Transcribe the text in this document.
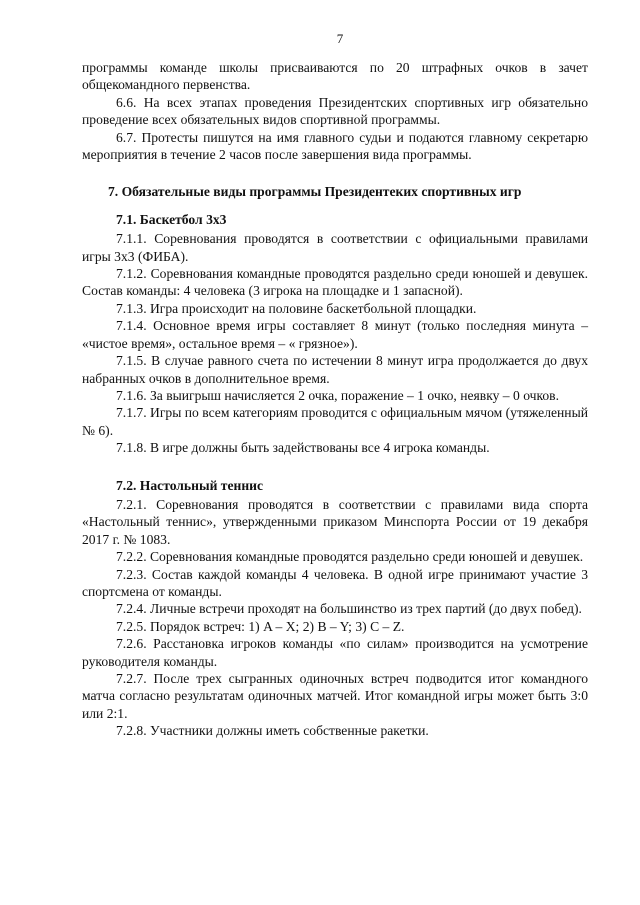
7

программы команде школы присваиваются по 20 штрафных очков в зачет общекомандного первенства.

6.6. На всех этапах проведения Президентских спортивных игр обязательно проведение всех обязательных видов спортивной программы.

6.7. Протесты пишутся на имя главного судьи и подаются главному секретарю мероприятия в течение 2 часов после завершения вида программы.

7. Обязательные виды программы Президентеких спортивных игр
7.1. Баскетбол 3х3

7.1.1. Соревнования проводятся в соответствии с официальными правилами игры 3х3 (ФИБА).

7.1.2. Соревнования командные проводятся раздельно среди юношей и девушек. Состав команды: 4 человека (3 игрока на площадке и 1 запасной).

7.1.3. Игра происходит на половине баскетбольной площадки.

7.1.4. Основное время игры составляет 8 минут (только последняя минута – «чистое время», остальное время – « грязное»).

7.1.5. В случае равного счета по истечении 8 минут игра продолжается до двух набранных очков в дополнительное время.

7.1.6. За выигрыш начисляется 2 очка, поражение – 1 очко, неявку – 0 очков.

7.1.7. Игры по всем категориям проводится с официальным мячом (утяжеленный № 6).

7.1.8. В игре должны быть задействованы все 4 игрока команды.

7.2. Настольный теннис

7.2.1. Соревнования проводятся в соответствии с правилами вида спорта «Настольный теннис», утвержденными приказом Минспорта России от 19 декабря 2017 г. № 1083.

7.2.2. Соревнования командные проводятся раздельно среди юношей и девушек.

7.2.3. Состав каждой команды 4 человека. В одной игре принимают участие 3 спортсмена от команды.

7.2.4. Личные встречи проходят на большинство из трех партий (до двух побед).

7.2.5. Порядок встреч: 1) A – X; 2) B – Y; 3) C – Z.

7.2.6. Расстановка игроков команды «по силам» производится на усмотрение руководителя команды.

7.2.7. После трех сыгранных одиночных встреч подводится итог командного матча согласно результатам одиночных матчей. Итог командной игры может быть 3:0 или 2:1.

7.2.8. Участники должны иметь собственные ракетки.
